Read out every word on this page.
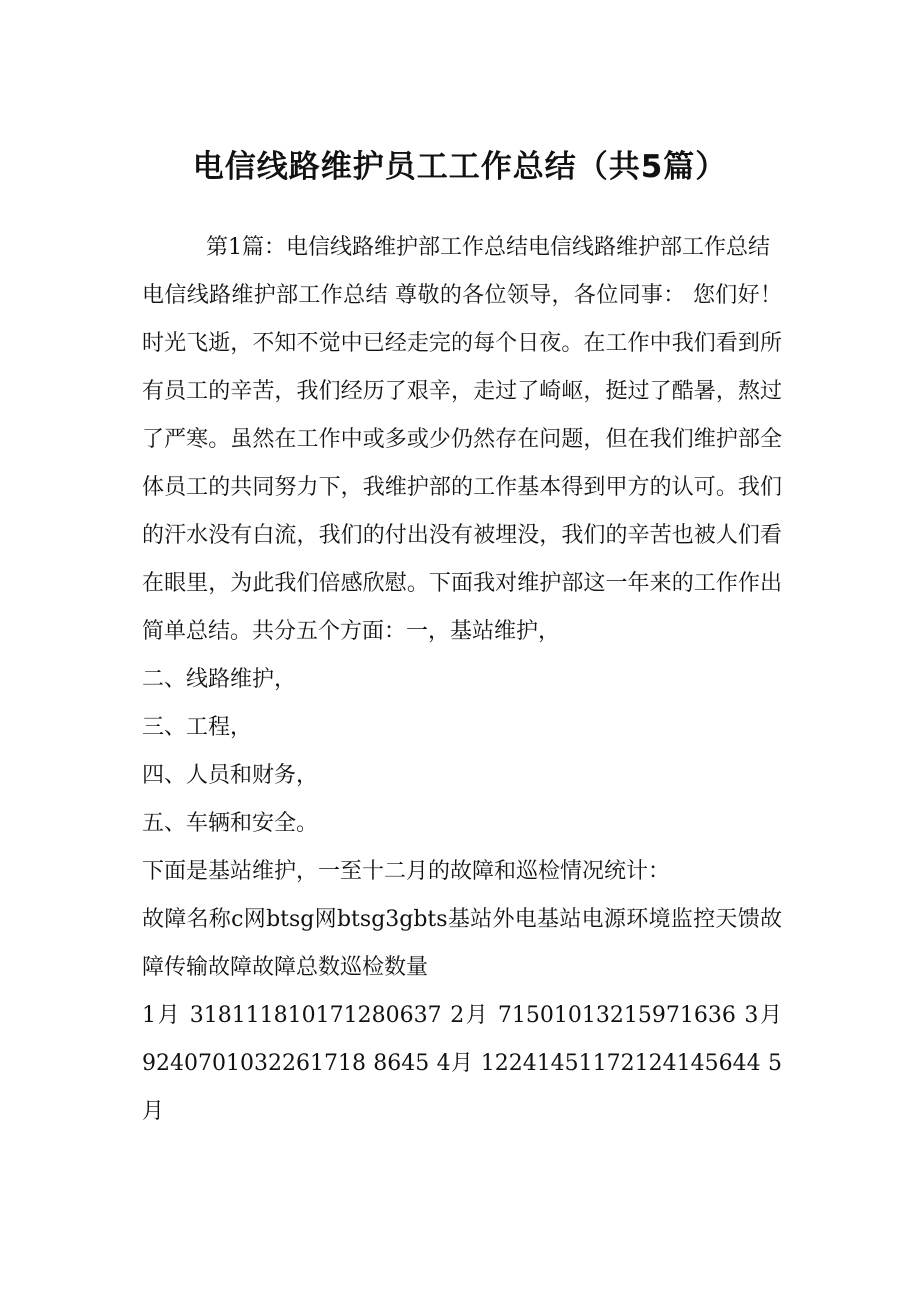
电信线路维护员工工作总结（共5篇）

第1篇：电信线路维护部工作总结电信线路维护部工作总结

电信线路维护部工作总结 尊敬的各位领导，各位同事： 您们好！时光飞逝，不知不觉中已经走完的每个日夜。在工作中我们看到所有员工的辛苦，我们经历了艰辛，走过了崎岖，挺过了酷暑，熬过了严寒。虽然在工作中或多或少仍然存在问题，但在我们维护部全体员工的共同努力下，我维护部的工作基本得到甲方的认可。我们的汗水没有白流，我们的付出没有被埋没，我们的辛苦也被人们看在眼里，为此我们倍感欣慰。下面我对维护部这一年来的工作作出简单总结。共分五个方面：一，基站维护，

二、线路维护，

三、工程，

四、人员和财务，

五、车辆和安全。

下面是基站维护，一至十二月的故障和巡检情况统计：

故障名称c网btsg网btsg3gbts基站外电基站电源环境监控天馈故障传输故障故障总数巡检数量

1月 318111810171280637 2月 71501013215971636 3月 9240701032261718 8645 4月 12241451172124145644 5月
